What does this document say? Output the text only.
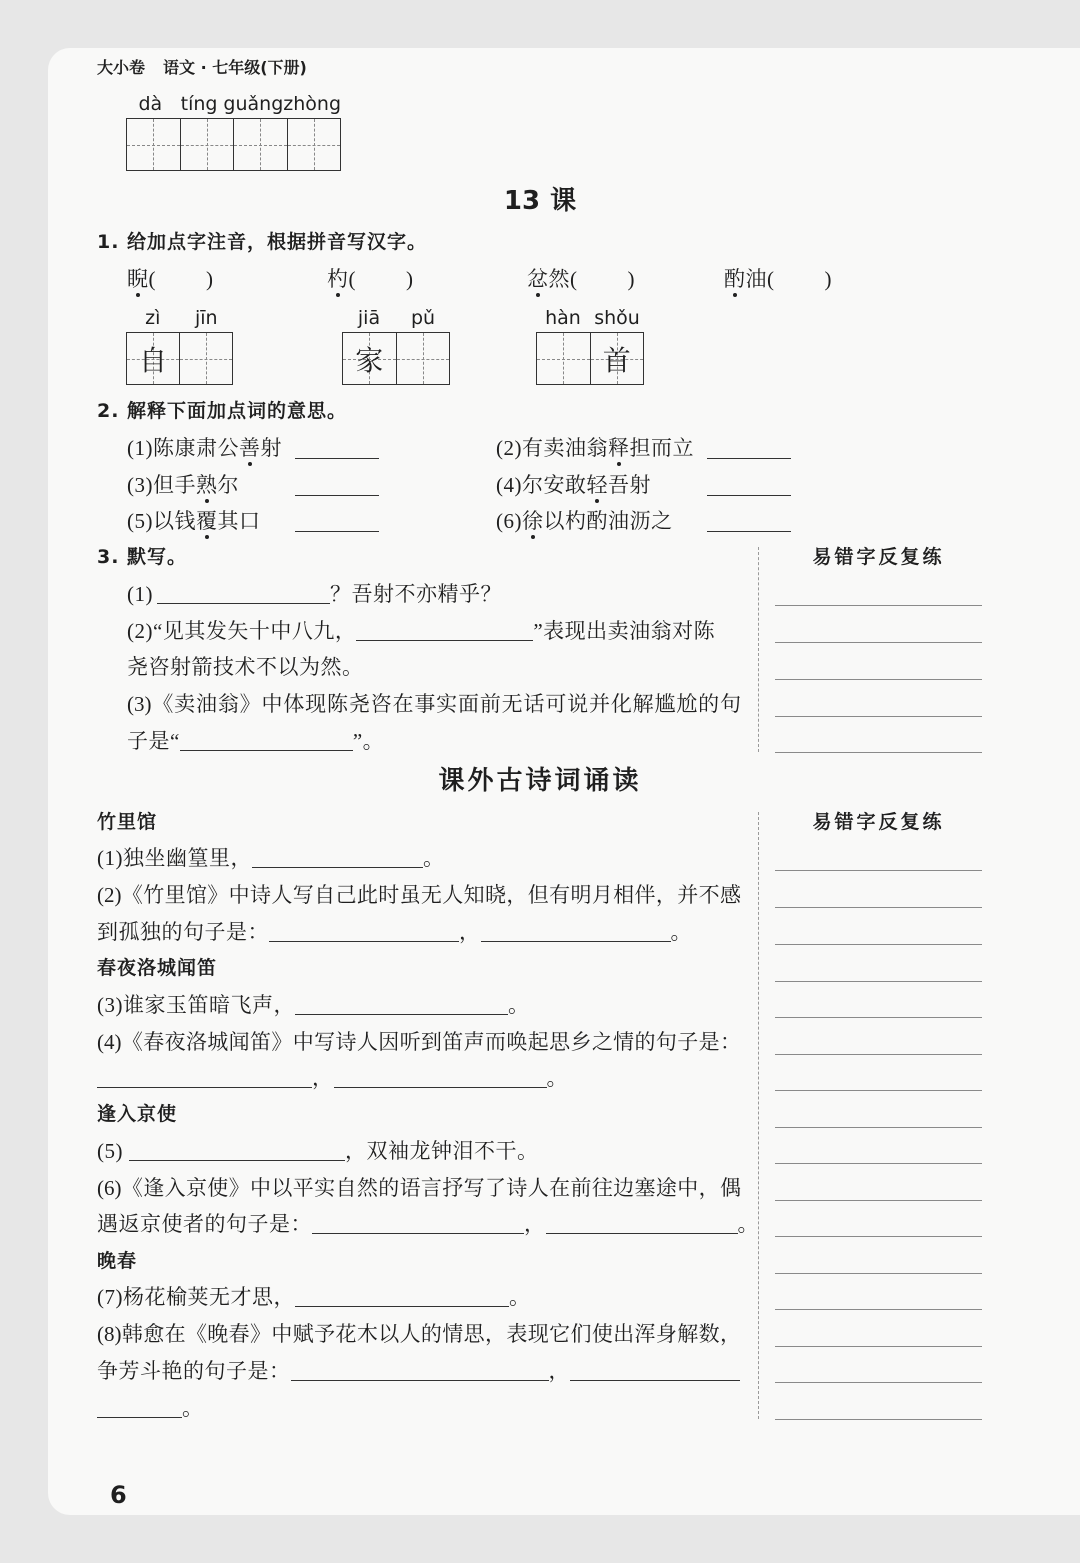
大小卷 语文 · 七年级(下册)
dà tíng guǎng zhòng
13 课
1. 给加点字注音，根据拼音写汉字。
睨( )	杓( )	忿然( )	酌油( )
zì	jīn
自
jiā	pǔ
家
hàn shǒu
首
2. 解释下面加点词的意思。
(1)陈康肃公善射	(2)有卖油翁释担而立
(3)但手熟尔	(4)尔安敢轻吾射
(5)以钱覆其口	(6)徐以杓酌油沥之
3. 默写。	易错字反复练
(1)	？吾射不亦精乎？
(2)“见其发矢十中八九，	”表现出卖油翁对陈
尧咨射箭技术不以为然。
(3)《卖油翁》中体现陈尧咨在事实面前无话可说并化解尴尬的句
子是“	”。
课外古诗词诵读
易错字反复练
竹里馆
(1)独坐幽篁里，	。
(2)《竹里馆》中诗人写自己此时虽无人知晓，但有明月相伴，并不感
到孤独的句子是：	，	。
春夜洛城闻笛
(3)谁家玉笛暗飞声，	。
(4)《春夜洛城闻笛》中写诗人因听到笛声而唤起思乡之情的句子是：
，	。
逢入京使
(5)	，双袖龙钟泪不干。
(6)《逢入京使》中以平实自然的语言抒写了诗人在前往边塞途中，偶
遇返京使者的句子是：	，	。
晚春
(7)杨花榆荚无才思，	。
(8)韩愈在《晚春》中赋予花木以人的情思，表现它们使出浑身解数，
争芳斗艳的句子是：	，
。
6
